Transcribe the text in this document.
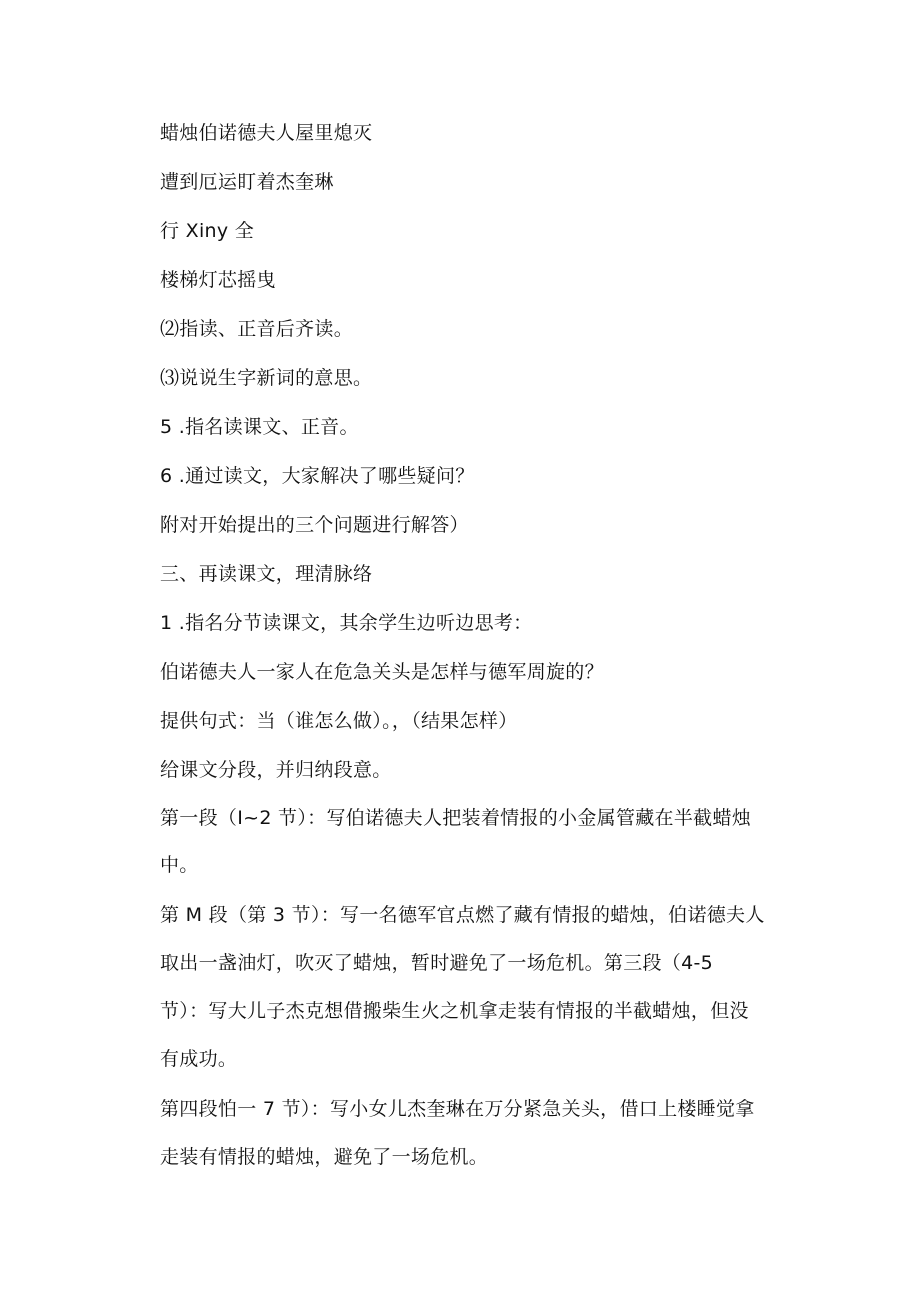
蜡烛伯诺德夫人屋里熄灭
遭到厄运盯着杰奎琳
行 Xiny 全
楼梯灯芯摇曳
⑵指读、正音后齐读。
⑶说说生字新词的意思。
5 .指名读课文、正音。
6 .通过读文，大家解决了哪些疑问？
附对开始提出的三个问题进行解答）
三、再读课文，理清脉络
1 .指名分节读课文，其余学生边听边思考：
伯诺德夫人一家人在危急关头是怎样与德军周旋的？
提供句式：当（谁怎么做）。，（结果怎样）
给课文分段，并归纳段意。
第一段（I~2 节）：写伯诺德夫人把装着情报的小金属管藏在半截蜡烛
中。
第 M 段（第 3 节）：写一名德军官点燃了藏有情报的蜡烛，伯诺德夫人
取出一盏油灯，吹灭了蜡烛，暂时避免了一场危机。第三段（4-5
节）：写大儿子杰克想借搬柴生火之机拿走装有情报的半截蜡烛，但没
有成功。
第四段怕一 7 节）：写小女儿杰奎琳在万分紧急关头，借口上楼睡觉拿
走装有情报的蜡烛，避免了一场危机。
